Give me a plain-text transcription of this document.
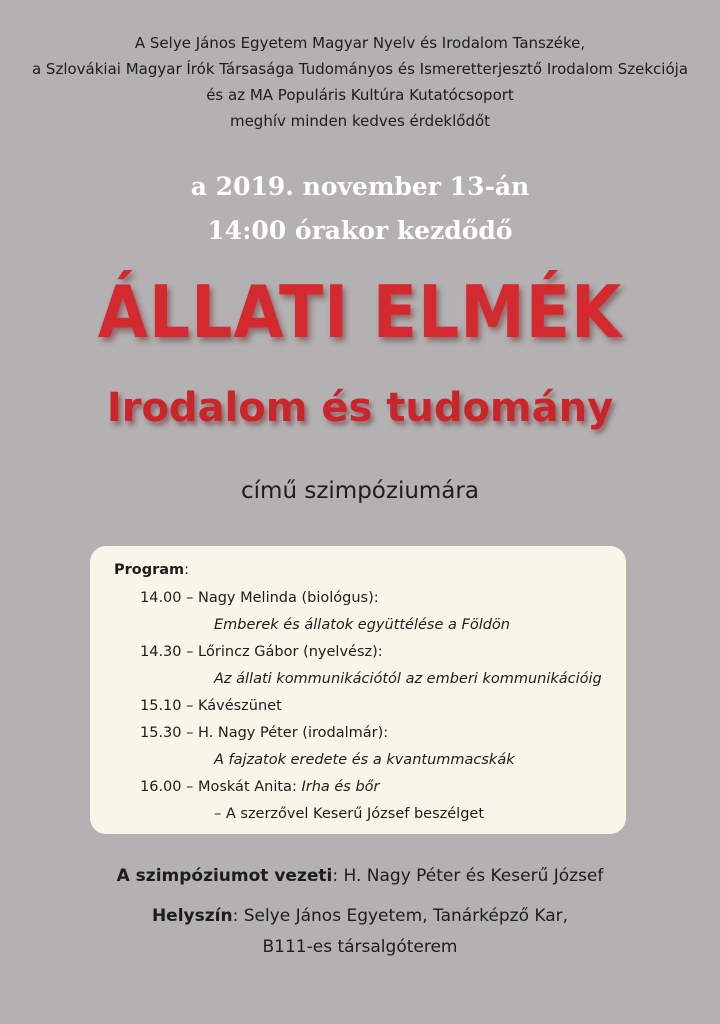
A Selye János Egyetem Magyar Nyelv és Irodalom Tanszéke,
a Szlovákiai Magyar Írók Társasága Tudományos és Ismeretterjesztő Irodalom Szekciója
és az MA Populáris Kultúra Kutatócsoport
meghív minden kedves érdeklődőt
a 2019. november 13-án
14:00 órakor kezdődő
ÁLLATI ELMÉK
Irodalom és tudomány
című szimpóziumára
Program:
14.00 – Nagy Melinda (biológus):
Emberek és állatok együttélése a Földön
14.30 – Lőrincz Gábor (nyelvész):
Az állati kommunikációtól az emberi kommunikációig
15.10 – Kávészünet
15.30 – H. Nagy Péter (irodalmár):
A fajzatok eredete és a kvantummacskák
16.00 – Moskát Anita: Irha és bőr
– A szerzővel Keserű József beszélget
A szimpóziumot vezeti: H. Nagy Péter és Keserű József
Helyszín: Selye János Egyetem, Tanárképző Kar,
B111-es társalgóterem
